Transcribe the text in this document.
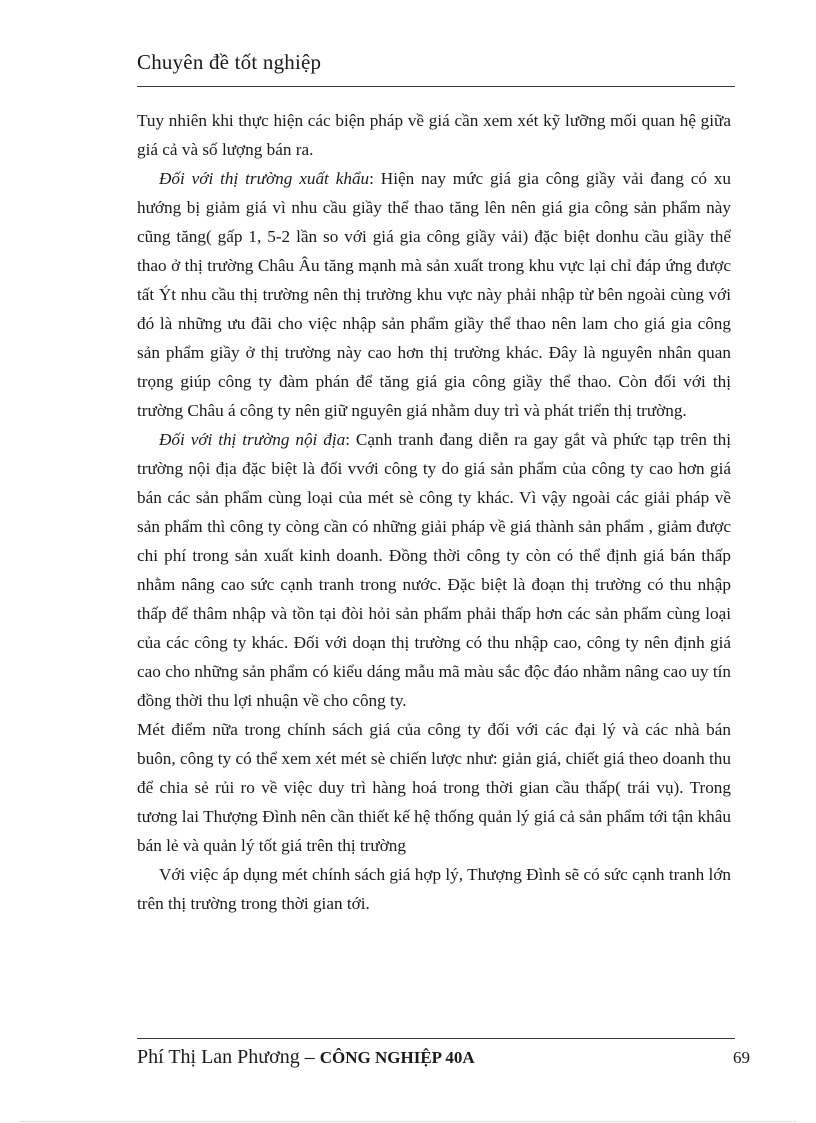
Chuyên đề tốt nghiệp

Tuy nhiên khi thực hiện các biện pháp về giá cần xem xét kỹ lưỡng mối quan hệ giữa giá cả và số lượng bán ra.

Đối với thị trường xuất khẩu: Hiện nay mức giá gia công giầy vải đang có xu hướng bị giảm giá vì nhu cầu giầy thể thao tăng lên nên giá gia công sản phẩm này cũng tăng( gấp 1, 5-2 lần so với giá gia công giầy vải) đặc biệt donhu cầu giầy thể thao ở thị trường Châu Âu tăng mạnh mà sản xuất trong khu vực lại chỉ đáp ứng được tất Ýt nhu cầu thị trường nên thị trường khu vực này phải nhập từ bên ngoài cùng với đó là những ưu đãi cho việc nhập sản phẩm giầy thể thao nên lam cho giá gia công sản phẩm giầy ở thị trường này cao hơn thị trường khác. Đây là nguyên nhân quan trọng giúp công ty đàm phán để tăng giá gia công giầy thể thao. Còn đối với thị trường Châu á công ty nên giữ nguyên giá nhằm duy trì và phát triển thị trường.

Đối với thị trường nội địa: Cạnh tranh đang diễn ra gay gắt và phức tạp trên thị trường nội địa đặc biệt là đối vvới công ty do giá sản phẩm của công ty cao hơn giá bán các sản phẩm cùng loại của mét sè công ty khác. Vì vậy ngoài các giải pháp về sản phẩm thì công ty còng cần có những giải pháp về giá thành sản phẩm , giảm được chi phí trong sản xuất kinh doanh. Đồng thời công ty còn có thể định giá bán thấp nhằm nâng cao sức cạnh tranh trong nước. Đặc biệt là đoạn thị trường có thu nhập thấp để thâm nhập và tồn tại đòi hỏi sản phẩm phải thấp hơn các sản phẩm cùng loại của các công ty khác. Đối với doạn thị trường có thu nhập cao, công ty nên định giá cao cho những sản phẩm có kiểu dáng mẫu mã màu sắc độc đáo nhằm nâng cao uy tín đồng thời thu lợi nhuận về cho công ty.

Mét điểm nữa trong chính sách giá của công ty đối với các đại lý và các nhà bán buôn, công ty có thể xem xét mét sè chiến lược như: giản giá, chiết giá theo doanh thu để chia sẻ rủi ro về việc duy trì hàng hoá trong thời gian cầu thấp( trái vụ). Trong tương lai Thượng Đình nên cần thiết kế hệ thống quản lý giá cả sản phẩm tới tận khâu bán lẻ và quản lý tốt giá trên thị trường

Với việc áp dụng mét chính sách giá hợp lý, Thượng Đình sẽ có sức cạnh tranh lớn trên thị trường trong thời gian tới.

Phí Thị Lan Phương – CÔNG NGHIỆP 40A	69
